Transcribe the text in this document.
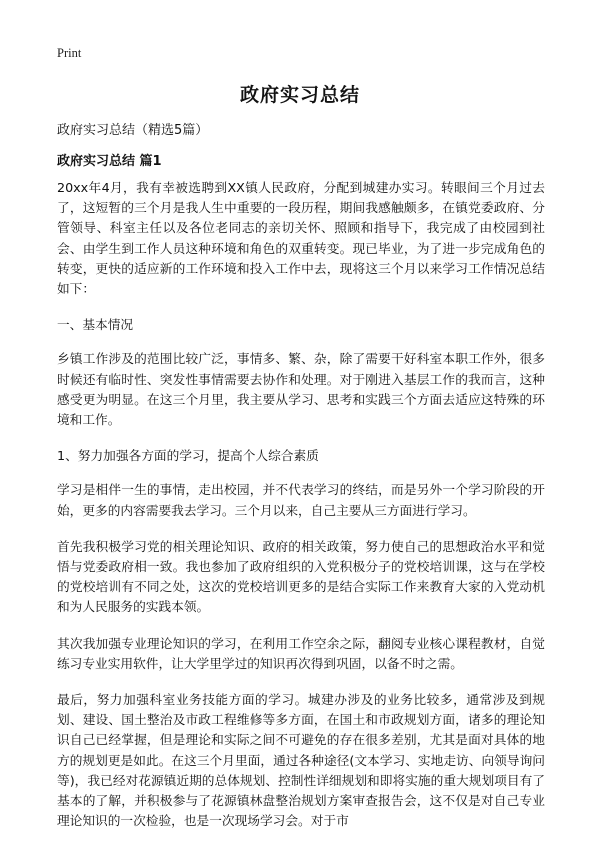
Print
政府实习总结

政府实习总结（精选5篇）

政府实习总结 篇1

20xx年4月，我有幸被选聘到XX镇人民政府，分配到城建办实习。转眼间三个月过去了，这短暂的三个月是我人生中重要的一段历程，期间我感触颇多，在镇党委政府、分管领导、科室主任以及各位老同志的亲切关怀、照顾和指导下，我完成了由校园到社会、由学生到工作人员这种环境和角色的双重转变。现已毕业，为了进一步完成角色的转变，更快的适应新的工作环境和投入工作中去，现将这三个月以来学习工作情况总结如下：

一、基本情况

乡镇工作涉及的范围比较广泛，事情多、繁、杂，除了需要干好科室本职工作外，很多时候还有临时性、突发性事情需要去协作和处理。对于刚进入基层工作的我而言，这种感受更为明显。在这三个月里，我主要从学习、思考和实践三个方面去适应这特殊的环境和工作。

1、努力加强各方面的学习，提高个人综合素质

学习是相伴一生的事情，走出校园，并不代表学习的终结，而是另外一个学习阶段的开始，更多的内容需要我去学习。三个月以来，自己主要从三方面进行学习。

首先我积极学习党的相关理论知识、政府的相关政策，努力使自己的思想政治水平和觉悟与党委政府相一致。我也参加了政府组织的入党积极分子的党校培训课，这与在学校的党校培训有不同之处，这次的党校培训更多的是结合实际工作来教育大家的入党动机和为人民服务的实践本领。

其次我加强专业理论知识的学习，在利用工作空余之际，翻阅专业核心课程教材，自觉练习专业实用软件，让大学里学过的知识再次得到巩固，以备不时之需。

最后，努力加强科室业务技能方面的学习。城建办涉及的业务比较多，通常涉及到规划、建设、国土整治及市政工程维修等多方面，在国土和市政规划方面，诸多的理论知识自己已经掌握，但是理论和实际之间不可避免的存在很多差别，尤其是面对具体的地方的规划更是如此。在这三个月里面，通过各种途径(文本学习、实地走访、向领导询问等)，我已经对花源镇近期的总体规划、控制性详细规划和即将实施的重大规划项目有了基本的了解，并积极参与了花源镇林盘整治规划方案审查报告会，这不仅是对自己专业理论知识的一次检验，也是一次现场学习会。对于市
